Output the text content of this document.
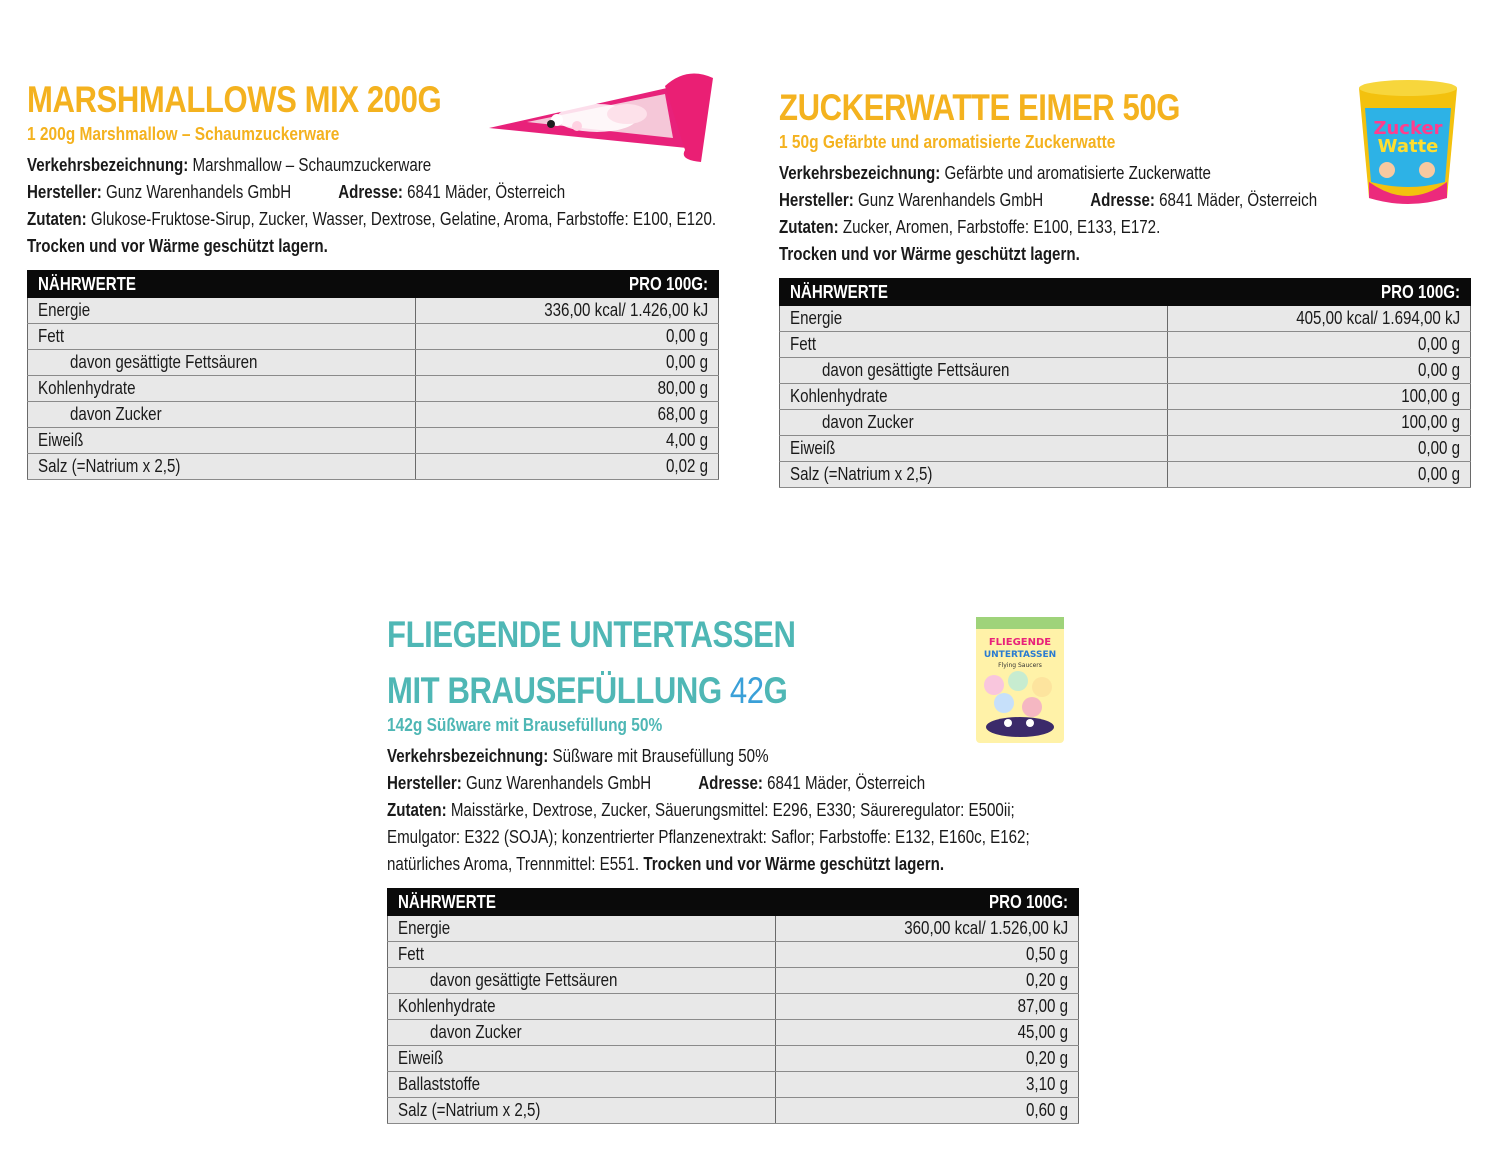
MARSHMALLOWS MIX 200G
1 200g Marshmallow – Schaumzuckerware
Verkehrsbezeichnung: Marshmallow – Schaumzuckerware
Hersteller: Gunz Warenhandels GmbH	Adresse: 6841 Mäder, Österreich
Zutaten: Glukose-Fruktose-Sirup, Zucker, Wasser, Dextrose, Gelatine, Aroma, Farbstoffe: E100, E120.
Trocken und vor Wärme geschützt lagern.
NÄHRWERTE	PRO 100G:
Energie	336,00 kcal/ 1.426,00 kJ
Fett	0,00 g
davon gesättigte Fettsäuren	0,00 g
Kohlenhydrate	80,00 g
davon Zucker	68,00 g
Eiweiß	4,00 g
Salz (=Natrium x 2,5)	0,02 g
ZUCKERWATTE EIMER 50G
1 50g Gefärbte und aromatisierte Zuckerwatte
Verkehrsbezeichnung: Gefärbte und aromatisierte Zuckerwatte
Hersteller: Gunz Warenhandels GmbH	Adresse: 6841 Mäder, Österreich
Zutaten: Zucker, Aromen, Farbstoffe: E100, E133, E172.
Trocken und vor Wärme geschützt lagern.
NÄHRWERTE	PRO 100G:
Energie	405,00 kcal/ 1.694,00 kJ
Fett	0,00 g
davon gesättigte Fettsäuren	0,00 g
Kohlenhydrate	100,00 g
davon Zucker	100,00 g
Eiweiß	0,00 g
Salz (=Natrium x 2,5)	0,00 g
FLIEGENDE UNTERTASSEN
MIT BRAUSEFÜLLUNG 42G
142g Süßware mit Brausefüllung 50%
Verkehrsbezeichnung: Süßware mit Brausefüllung 50%
Hersteller: Gunz Warenhandels GmbH	Adresse: 6841 Mäder, Österreich
Zutaten: Maisstärke, Dextrose, Zucker, Säuerungsmittel: E296, E330; Säureregulator: E500ii; Emulgator: E322 (SOJA); konzentrierter Pflanzenextrakt: Saflor; Farbstoffe: E132, E160c, E162; natürliches Aroma, Trennmittel: E551. Trocken und vor Wärme geschützt lagern.
NÄHRWERTE	PRO 100G:
Energie	360,00 kcal/ 1.526,00 kJ
Fett	0,50 g
davon gesättigte Fettsäuren	0,20 g
Kohlenhydrate	87,00 g
davon Zucker	45,00 g
Eiweiß	0,20 g
Ballaststoffe	3,10 g
Salz (=Natrium x 2,5)	0,60 g
Zucker
Watte
FLIEGENDE
UNTERTASSEN
Flying Saucers
